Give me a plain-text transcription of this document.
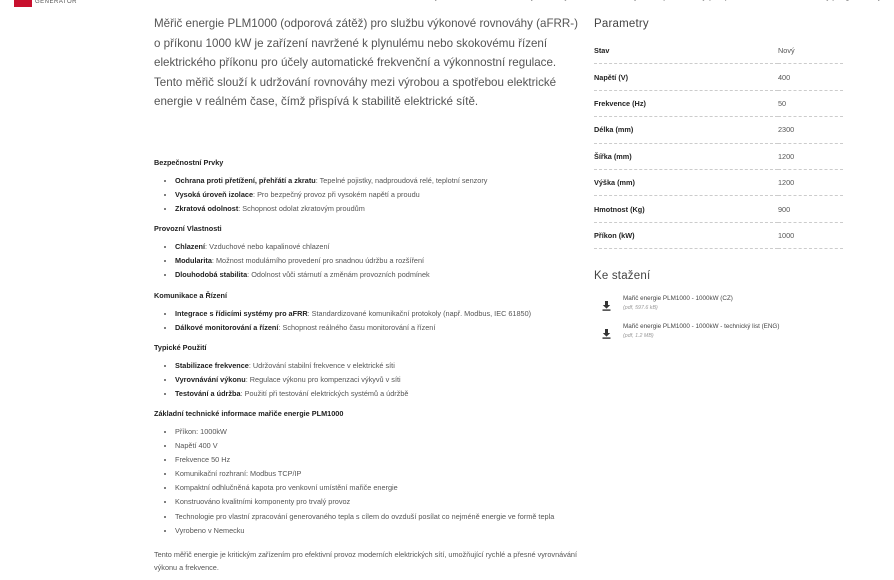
GENERATOR

Měřič energie PLM1000 (odporová zátěž) pro službu výkonové rovnováhy (aFRR-) o příkonu 1000 kW je zařízení navržené k plynulému nebo skokovému řízení elektrického příkonu pro účely automatické frekvenční a výkonnostní regulace. Tento měřič slouží k udržování rovnováhy mezi výrobou a spotřebou elektrické energie v reálném čase, čímž přispívá k stabilitě elektrické sítě.

Bezpečnostní Prvky

• Ochrana proti přetížení, přehřátí a zkratu: Tepelné pojistky, nadproudová relé, teplotní senzory
• Vysoká úroveň izolace: Pro bezpečný provoz při vysokém napětí a proudu
• Zkratová odolnost: Schopnost odolat zkratovým proudům

Provozní Vlastnosti

• Chlazení: Vzduchové nebo kapalinové chlazení
• Modularita: Možnost modulárního provedení pro snadnou údržbu a rozšíření
• Dlouhodobá stabilita: Odolnost vůči stárnutí a změnám provozních podmínek

Komunikace a Řízení

• Integrace s řídicími systémy pro aFRR: Standardizované komunikační protokoly (např. Modbus, IEC 61850)
• Dálkové monitorování a řízení: Schopnost reálného času monitorování a řízení

Typické Použití

• Stabilizace frekvence: Udržování stabilní frekvence v elektrické síti
• Vyrovnávání výkonu: Regulace výkonu pro kompenzaci výkyvů v síti
• Testování a údržba: Použití při testování elektrických systémů a údržbě

Základní technické informace mařiče energie PLM1000

• Příkon: 1000kW
• Napětí 400 V
• Frekvence 50 Hz
• Komunikační rozhraní: Modbus TCP/IP
• Kompaktní odhlučněná kapota pro venkovní umístění mařiče energie
• Konstruováno kvalitními komponenty pro trvalý provoz
• Technologie pro vlastní zpracování generovaného tepla s cílem do ovzduší posílat co nejméně energie ve formě tepla
• Vyrobeno v Nemecku

Tento měřič energie je kritickým zařízením pro efektivní provoz moderních elektrických sítí, umožňující rychlé a přesné vyrovnávání výkonu a frekvence.

Parametry
Stav	Nový
Napětí (V)	400
Frekvence (Hz)	50
Délka (mm)	2300
Šířka (mm)	1200
Výška (mm)	1200
Hmotnost (Kg)	900
Příkon (kW)	1000
Ke stažení
Mařič energie PLM1000 - 1000kW (CZ)
(pdf, 597.6 kB)
Mařič energie PLM1000 - 1000kW - technický list (ENG)
(pdf, 1.2 MB)
